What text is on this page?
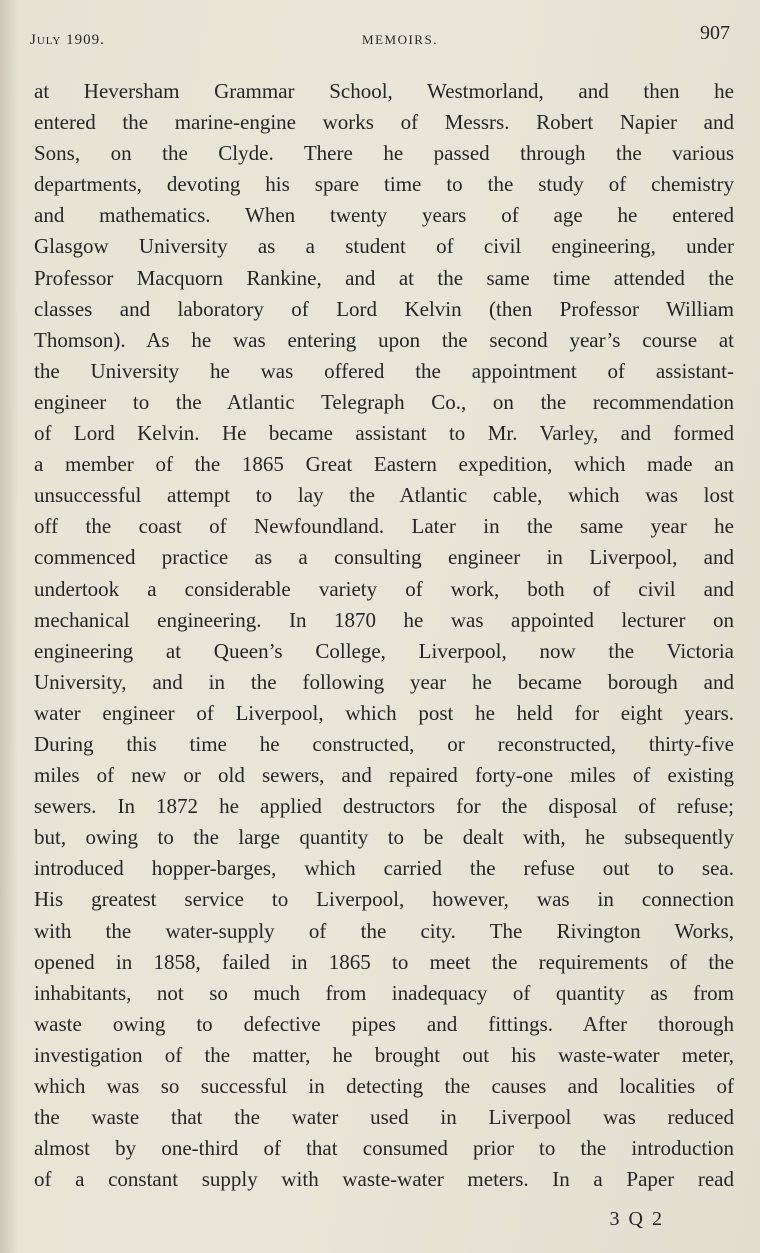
July 1909.	MEMOIRS.	907
at Heversham Grammar School, Westmorland, and then he
entered the marine-engine works of Messrs. Robert Napier and
Sons, on the Clyde. There he passed through the various
departments, devoting his spare time to the study of chemistry
and mathematics. When twenty years of age he entered
Glasgow University as a student of civil engineering, under
Professor Macquorn Rankine, and at the same time attended the
classes and laboratory of Lord Kelvin (then Professor William
Thomson). As he was entering upon the second year’s course at
the University he was offered the appointment of assistant-
engineer to the Atlantic Telegraph Co., on the recommendation
of Lord Kelvin. He became assistant to Mr. Varley, and formed
a member of the 1865 Great Eastern expedition, which made an
unsuccessful attempt to lay the Atlantic cable, which was lost
off the coast of Newfoundland. Later in the same year he
commenced practice as a consulting engineer in Liverpool, and
undertook a considerable variety of work, both of civil and
mechanical engineering. In 1870 he was appointed lecturer on
engineering at Queen’s College, Liverpool, now the Victoria
University, and in the following year he became borough and
water engineer of Liverpool, which post he held for eight years.
During this time he constructed, or reconstructed, thirty-five
miles of new or old sewers, and repaired forty-one miles of existing
sewers. In 1872 he applied destructors for the disposal of refuse;
but, owing to the large quantity to be dealt with, he subsequently
introduced hopper-barges, which carried the refuse out to sea.
His greatest service to Liverpool, however, was in connection
with the water-supply of the city. The Rivington Works,
opened in 1858, failed in 1865 to meet the requirements of the
inhabitants, not so much from inadequacy of quantity as from
waste owing to defective pipes and fittings. After thorough
investigation of the matter, he brought out his waste-water meter,
which was so successful in detecting the causes and localities of
the waste that the water used in Liverpool was reduced
almost by one-third of that consumed prior to the introduction
of a constant supply with waste-water meters. In a Paper read
3 Q 2
